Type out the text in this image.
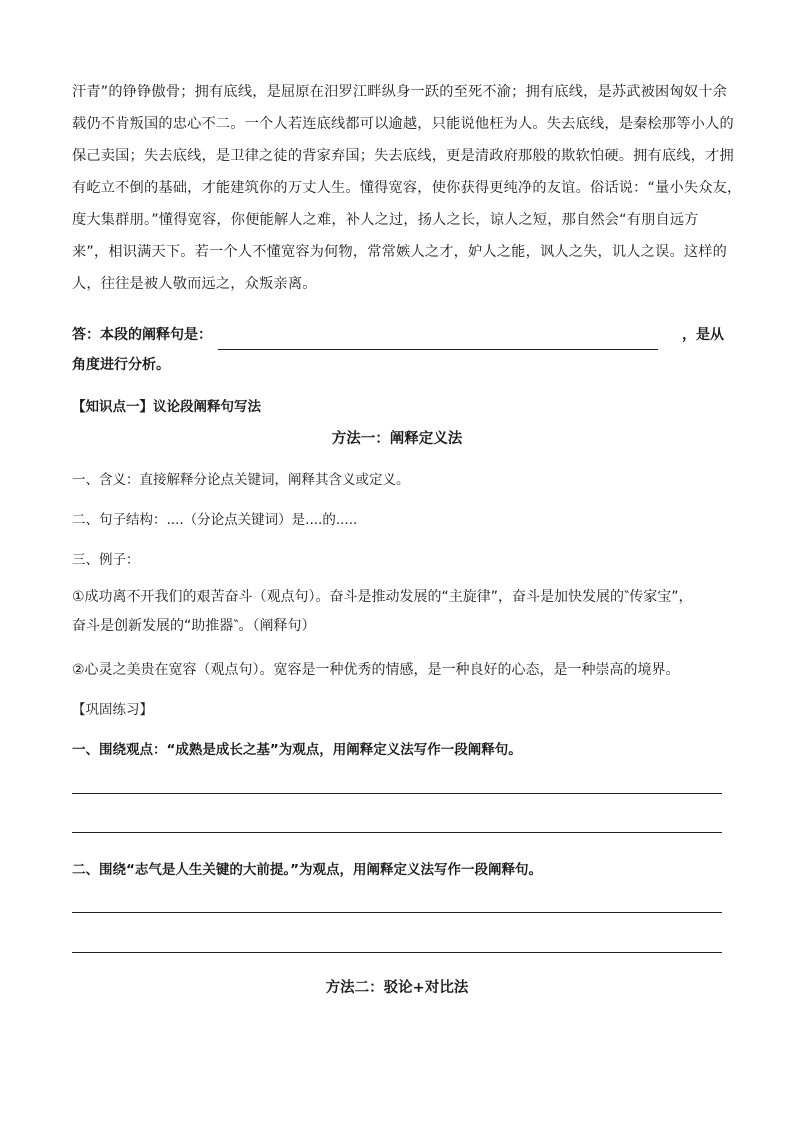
汗青”的铮铮傲骨；拥有底线，是屈原在汨罗江畔纵身一跃的至死不渝；拥有底线，是苏武被困匈奴十余
载仍不肯叛国的忠心不二。一个人若连底线都可以逾越，只能说他枉为人。失去底线，是秦桧那等小人的
保己卖国；失去底线，是卫律之徒的背家弃国；失去底线，更是清政府那般的欺软怕硬。拥有底线，才拥
有屹立不倒的基础，才能建筑你的万丈人生。懂得宽容，使你获得更纯净的友谊。俗话说：“量小失众友，
度大集群朋。”懂得宽容，你便能解人之难，补人之过，扬人之长，谅人之短，那自然会“有朋自远方
来”，相识满天下。若一个人不懂宽容为何物，常常嫉人之才，妒人之能，讽人之失，讥人之误。这样的
人，往往是被人敬而远之，众叛亲离。
答：本段的阐释句是：	，是从
角度进行分析。
【知识点一】议论段阐释句写法
方法一：阐释定义法
一、含义：直接解释分论点关键词，阐释其含义或定义。
二、句子结构：....（分论点关键词）是....的.....
三、例子：
①成功离不开我们的艰苦奋斗（观点句）。奋斗是推动发展的“主旋律”，奋斗是加快发展的‶传家宝”，
奋斗是创新发展的“助推器‶。（阐释句）
②心灵之美贵在宽容（观点句）。宽容是一种优秀的情感，是一种良好的心态，是一种崇高的境界。
【巩固练习】
一、围绕观点：“成熟是成长之基”为观点，用阐释定义法写作一段阐释句。
二、围绕“志气是人生关键的大前提。”为观点，用阐释定义法写作一段阐释句。
方法二：驳论+对比法
